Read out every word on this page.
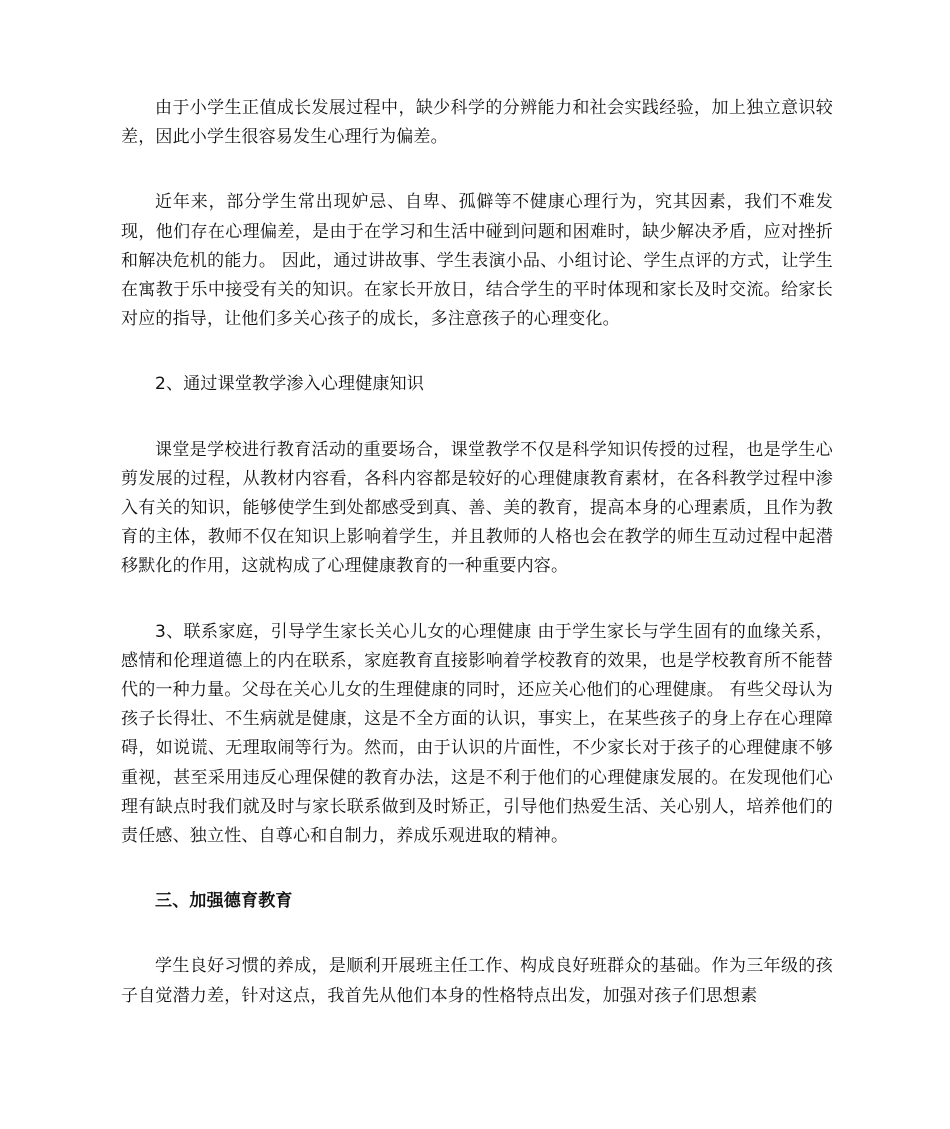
由于小学生正值成长发展过程中，缺少科学的分辨能力和社会实践经验，加上独立意识较差，因此小学生很容易发生心理行为偏差。

近年来，部分学生常出现妒忌、自卑、孤僻等不健康心理行为，究其因素，我们不难发现，他们存在心理偏差，是由于在学习和生活中碰到问题和困难时，缺少解决矛盾，应对挫折和解决危机的能力。 因此，通过讲故事、学生表演小品、小组讨论、学生点评的方式，让学生在寓教于乐中接受有关的知识。在家长开放日，结合学生的平时体现和家长及时交流。给家长对应的指导，让他们多关心孩子的成长，多注意孩子的心理变化。

2、通过课堂教学渗入心理健康知识

课堂是学校进行教育活动的重要场合，课堂教学不仅是科学知识传授的过程，也是学生心剪发展的过程，从教材内容看，各科内容都是较好的心理健康教育素材，在各科教学过程中渗入有关的知识，能够使学生到处都感受到真、善、美的教育，提高本身的心理素质，且作为教育的主体，教师不仅在知识上影响着学生，并且教师的人格也会在教学的师生互动过程中起潜移默化的作用，这就构成了心理健康教育的一种重要内容。

3、联系家庭，引导学生家长关心儿女的心理健康 由于学生家长与学生固有的血缘关系，感情和伦理道德上的内在联系，家庭教育直接影响着学校教育的效果，也是学校教育所不能替代的一种力量。父母在关心儿女的生理健康的同时，还应关心他们的心理健康。 有些父母认为孩子长得壮、不生病就是健康，这是不全方面的认识，事实上，在某些孩子的身上存在心理障碍，如说谎、无理取闹等行为。然而，由于认识的片面性，不少家长对于孩子的心理健康不够重视，甚至采用违反心理保健的教育办法，这是不利于他们的心理健康发展的。在发现他们心理有缺点时我们就及时与家长联系做到及时矫正，引导他们热爱生活、关心别人，培养他们的责任感、独立性、自尊心和自制力，养成乐观进取的精神。

三、加强德育教育

学生良好习惯的养成，是顺利开展班主任工作、构成良好班群众的基础。作为三年级的孩子自觉潜力差，针对这点，我首先从他们本身的性格特点出发，加强对孩子们思想素
